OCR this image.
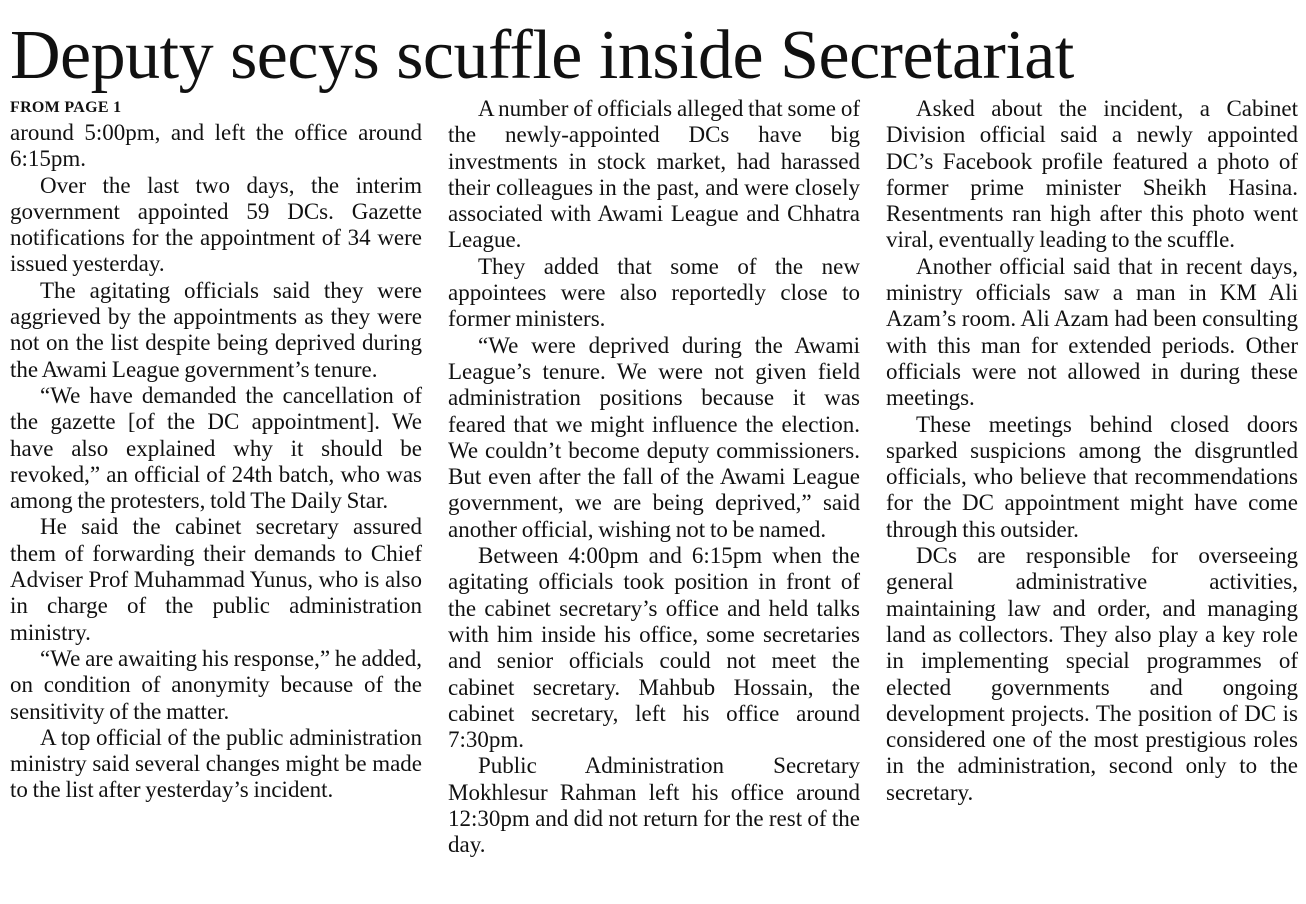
Deputy secys scuffle inside Secretariat
FROM PAGE 1

around 5:00pm, and left the office around 6:15pm.

Over the last two days, the interim government appointed 59 DCs. Gazette notifications for the appointment of 34 were issued yesterday.

The agitating officials said they were aggrieved by the appointments as they were not on the list despite being deprived during the Awami League government’s tenure.

“We have demanded the cancellation of the gazette [of the DC appointment]. We have also explained why it should be revoked,” an official of 24th batch, who was among the protesters, told The Daily Star.

He said the cabinet secretary assured them of forwarding their demands to Chief Adviser Prof Muhammad Yunus, who is also in charge of the public administration ministry.

“We are awaiting his response,” he added, on condition of anonymity because of the sensitivity of the matter.

A top official of the public administration ministry said several changes might be made to the list after yesterday’s incident.

A number of officials alleged that some of the newly-appointed DCs have big investments in stock market, had harassed their colleagues in the past, and were closely associated with Awami League and Chhatra League.

They added that some of the new appointees were also reportedly close to former ministers.

“We were deprived during the Awami League’s tenure. We were not given field administration positions because it was feared that we might influence the election. We couldn’t become deputy commissioners. But even after the fall of the Awami League government, we are being deprived,” said another official, wishing not to be named.

Between 4:00pm and 6:15pm when the agitating officials took position in front of the cabinet secretary’s office and held talks with him inside his office, some secretaries and senior officials could not meet the cabinet secretary. Mahbub Hossain, the cabinet secretary, left his office around 7:30pm.

Public Administration Secretary Mokhlesur Rahman left his office around 12:30pm and did not return for the rest of the day.

Asked about the incident, a Cabinet Division official said a newly appointed DC’s Facebook profile featured a photo of former prime minister Sheikh Hasina. Resentments ran high after this photo went viral, eventually leading to the scuffle.

Another official said that in recent days, ministry officials saw a man in KM Ali Azam’s room. Ali Azam had been consulting with this man for extended periods. Other officials were not allowed in during these meetings.

These meetings behind closed doors sparked suspicions among the disgruntled officials, who believe that recommendations for the DC appointment might have come through this outsider.

DCs are responsible for overseeing general administrative activities, maintaining law and order, and managing land as collectors. They also play a key role in implementing special programmes of elected governments and ongoing development projects. The position of DC is considered one of the most prestigious roles in the administration, second only to the secretary.
